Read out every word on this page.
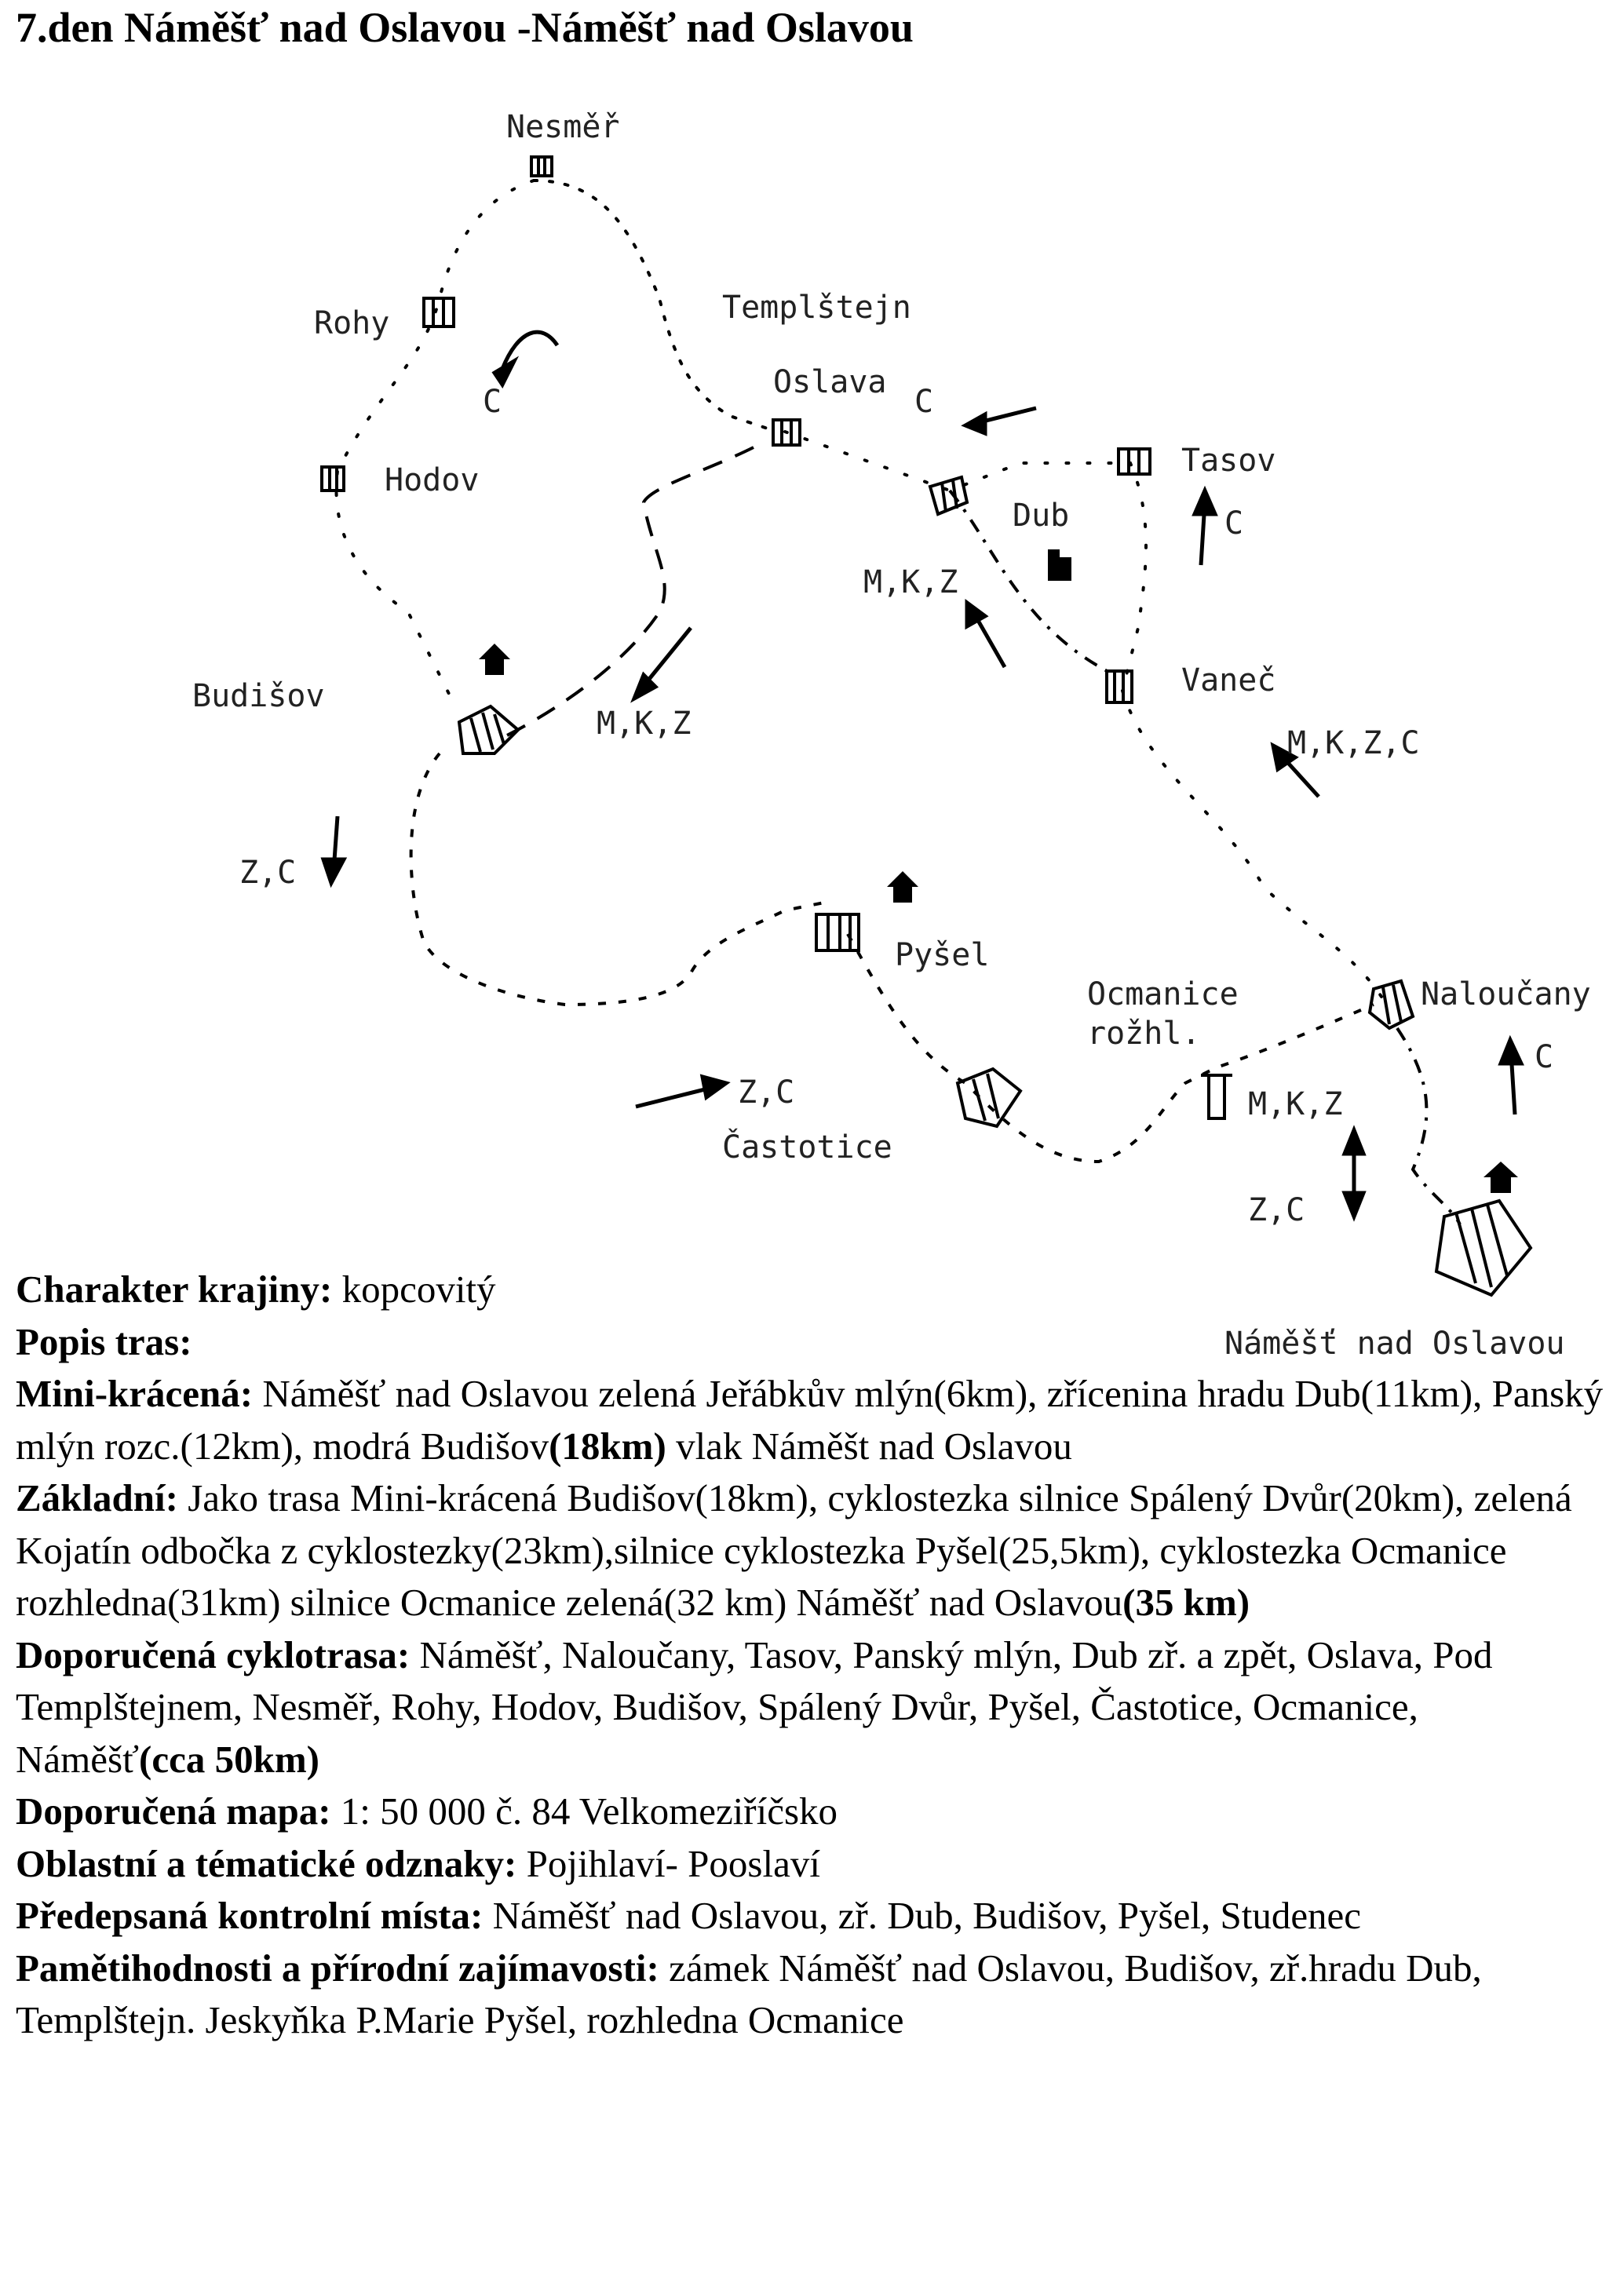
7.den Náměšť nad Oslavou -Náměšť nad Oslavou
Nesměř
Templštejn
Rohy
Oslava
Hodov
Tasov
Dub
Budišov	Vaneč
Pyšel
Ocmanice
rožhl.
Naloučany
Častotice
Náměšť nad Oslavou
C	C
C
C
M,K,Z
M,K,Z
M,K,Z,C
Z,C
Z,C	M,K,Z
Z,C

Charakter krajiny: kopcovitý

Popis tras:

Mini-krácená: Náměšť nad Oslavou zelená Jeřábkův mlýn(6km), zřícenina hradu Dub(11km), Panský mlýn rozc.(12km), modrá Budišov(18km) vlak Náměšt nad Oslavou

Základní: Jako trasa Mini-krácená Budišov(18km), cyklostezka silnice Spálený Dvůr(20km), zelená Kojatín odbočka z cyklostezky(23km),silnice cyklostezka Pyšel(25,5km), cyklostezka Ocmanice rozhledna(31km) silnice Ocmanice zelená(32 km) Náměšť nad Oslavou(35 km)

Doporučená cyklotrasa: Náměšť, Naloučany, Tasov, Panský mlýn, Dub zř. a zpět, Oslava, Pod Templštejnem, Nesměř, Rohy, Hodov, Budišov, Spálený Dvůr, Pyšel, Častotice, Ocmanice, Náměšť(cca 50km)

Doporučená mapa: 1: 50 000 č. 84 Velkomeziříčsko

Oblastní a tématické odznaky: Pojihlaví- Pooslaví

Předepsaná kontrolní místa: Náměšť nad Oslavou, zř. Dub, Budišov, Pyšel, Studenec

Pamětihodnosti a přírodní zajímavosti: zámek Náměšť nad Oslavou, Budišov, zř.hradu Dub, Templštejn. Jeskyňka P.Marie Pyšel, rozhledna Ocmanice
